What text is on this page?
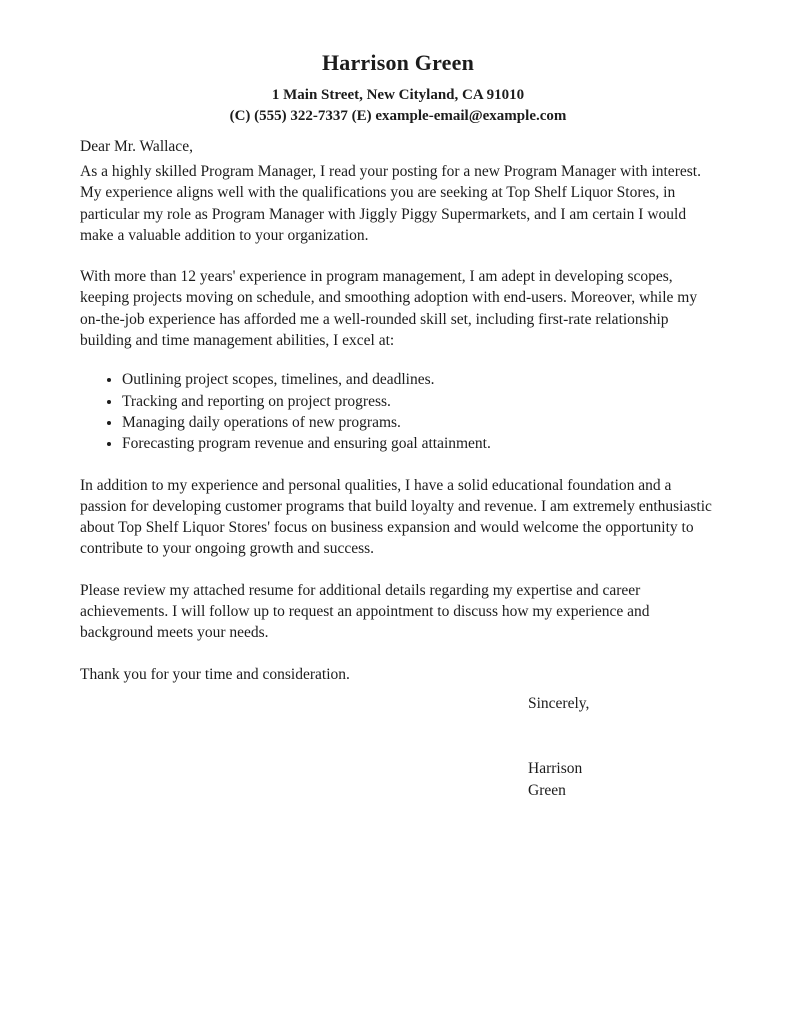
Harrison Green

1 Main Street, New Cityland, CA 91010

(C) (555) 322-7337 (E) example-email@example.com

Dear Mr. Wallace,

As a highly skilled Program Manager, I read your posting for a new Program Manager with interest. My experience aligns well with the qualifications you are seeking at Top Shelf Liquor Stores, in particular my role as Program Manager with Jiggly Piggy Supermarkets, and I am certain I would make a valuable addition to your organization.

With more than 12 years' experience in program management, I am adept in developing scopes, keeping projects moving on schedule, and smoothing adoption with end-users. Moreover, while my on-the-job experience has afforded me a well-rounded skill set, including first-rate relationship building and time management abilities, I excel at:

• Outlining project scopes, timelines, and deadlines.
• Tracking and reporting on project progress.
• Managing daily operations of new programs.
• Forecasting program revenue and ensuring goal attainment.

In addition to my experience and personal qualities, I have a solid educational foundation and a passion for developing customer programs that build loyalty and revenue. I am extremely enthusiastic about Top Shelf Liquor Stores' focus on business expansion and would welcome the opportunity to contribute to your ongoing growth and success.

Please review my attached resume for additional details regarding my expertise and career achievements. I will follow up to request an appointment to discuss how my experience and background meets your needs.

Thank you for your time and consideration.

Sincerely,

Harrison

Green
